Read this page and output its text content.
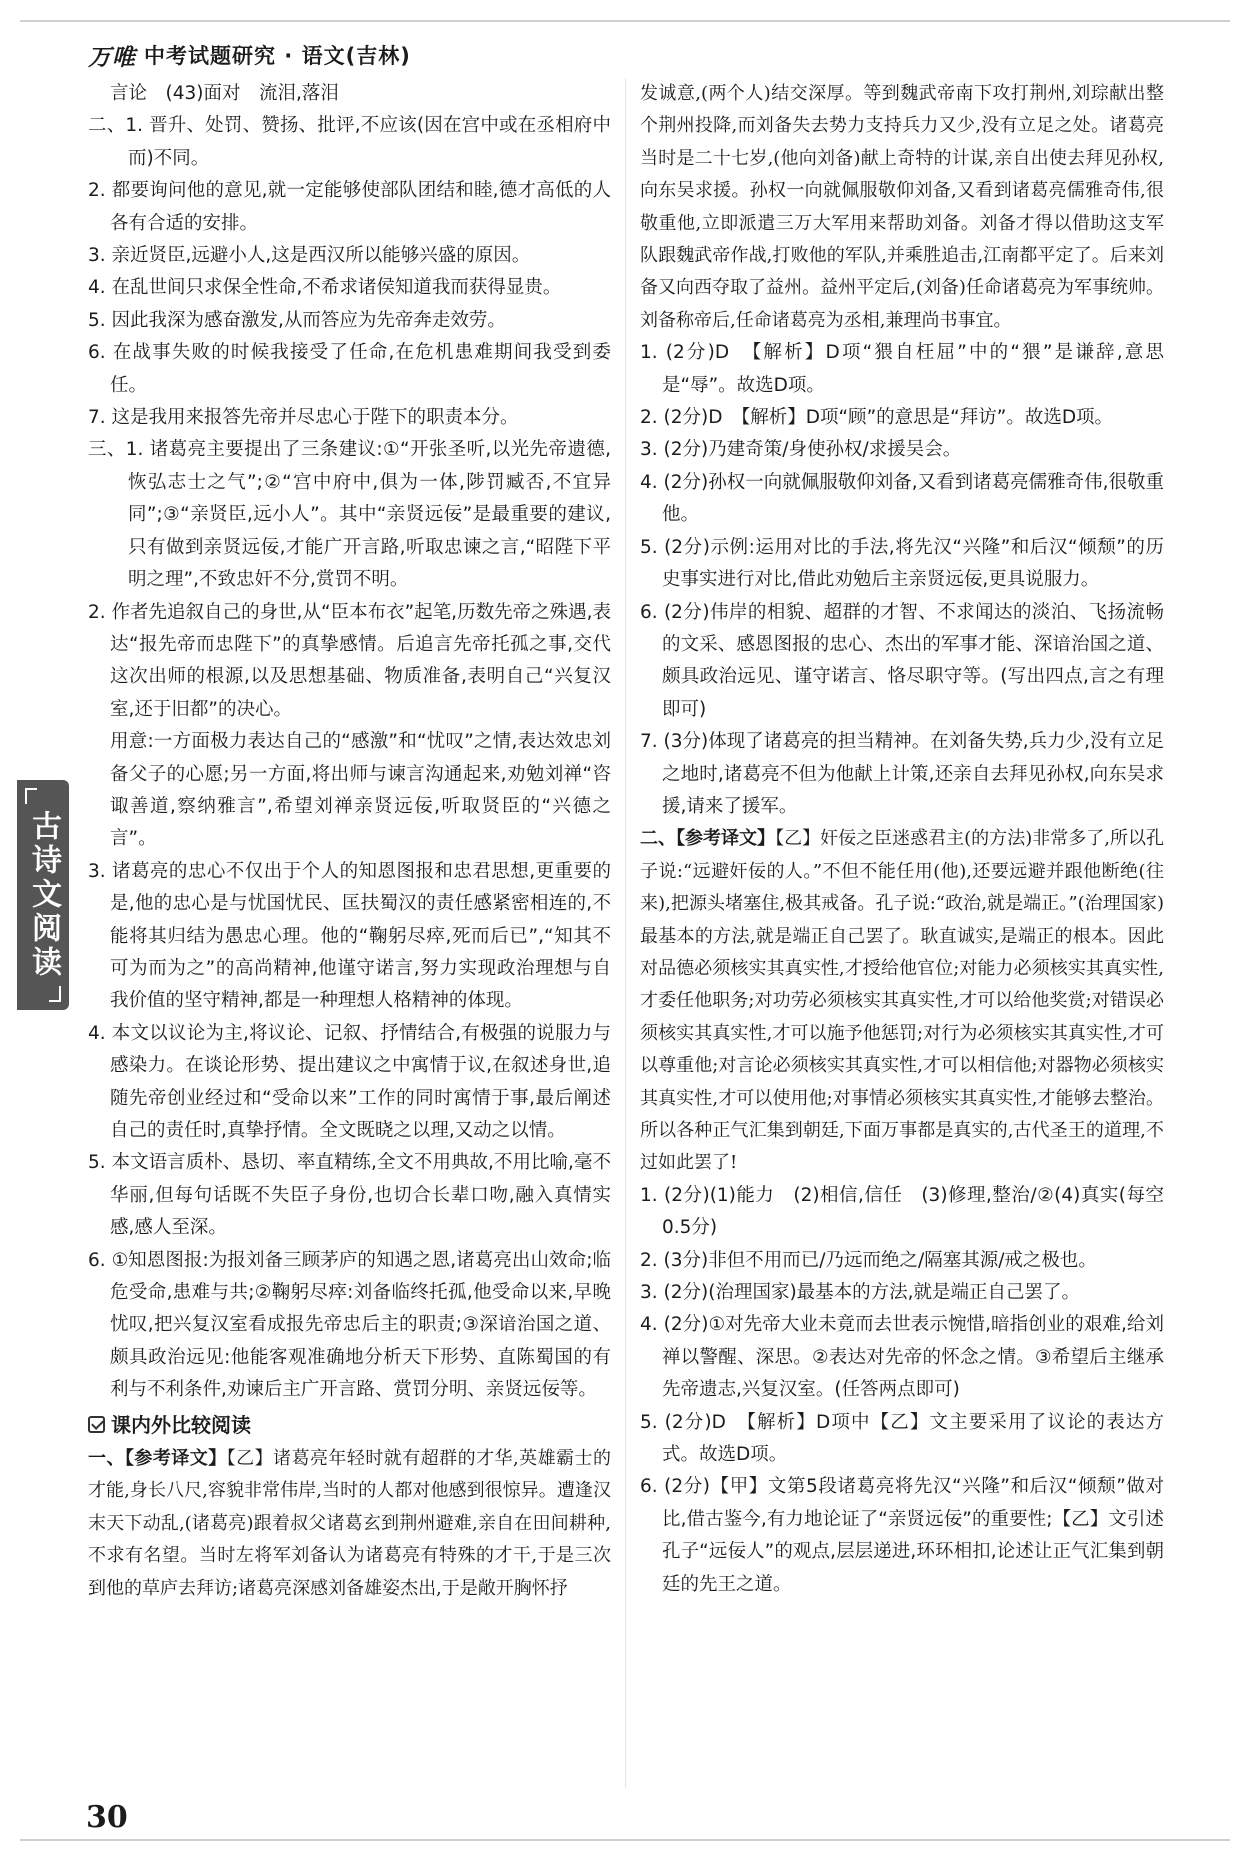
万唯 中考试题研究 · 语文(吉林)
古诗文阅读

言论　(43)面对　流泪,落泪

二、1. 晋升、处罚、赞扬、批评,不应该(因在宫中或在丞相府中而)不同。

2. 都要询问他的意见,就一定能够使部队团结和睦,德才高低的人各有合适的安排。

3. 亲近贤臣,远避小人,这是西汉所以能够兴盛的原因。

4. 在乱世间只求保全性命,不希求诸侯知道我而获得显贵。

5. 因此我深为感奋激发,从而答应为先帝奔走效劳。

6. 在战事失败的时候我接受了任命,在危机患难期间我受到委任。

7. 这是我用来报答先帝并尽忠心于陛下的职责本分。

三、1. 诸葛亮主要提出了三条建议:①“开张圣听,以光先帝遗德,恢弘志士之气”;②“宫中府中,俱为一体,陟罚臧否,不宜异同”;③“亲贤臣,远小人”。其中“亲贤远佞”是最重要的建议,只有做到亲贤远佞,才能广开言路,听取忠谏之言,“昭陛下平明之理”,不致忠奸不分,赏罚不明。

2. 作者先追叙自己的身世,从“臣本布衣”起笔,历数先帝之殊遇,表达“报先帝而忠陛下”的真挚感情。后追言先帝托孤之事,交代这次出师的根源,以及思想基础、物质准备,表明自己“兴复汉室,还于旧都”的决心。

用意:一方面极力表达自己的“感激”和“忧叹”之情,表达效忠刘备父子的心愿;另一方面,将出师与谏言沟通起来,劝勉刘禅“咨诹善道,察纳雅言”,希望刘禅亲贤远佞,听取贤臣的“兴德之言”。

3. 诸葛亮的忠心不仅出于个人的知恩图报和忠君思想,更重要的是,他的忠心是与忧国忧民、匡扶蜀汉的责任感紧密相连的,不能将其归结为愚忠心理。他的“鞠躬尽瘁,死而后已”,“知其不可为而为之”的高尚精神,他谨守诺言,努力实现政治理想与自我价值的坚守精神,都是一种理想人格精神的体现。

4. 本文以议论为主,将议论、记叙、抒情结合,有极强的说服力与感染力。在谈论形势、提出建议之中寓情于议,在叙述身世,追随先帝创业经过和“受命以来”工作的同时寓情于事,最后阐述自己的责任时,真挚抒情。全文既晓之以理,又动之以情。

5. 本文语言质朴、恳切、率直精练,全文不用典故,不用比喻,毫不华丽,但每句话既不失臣子身份,也切合长辈口吻,融入真情实感,感人至深。

6. ①知恩图报:为报刘备三顾茅庐的知遇之恩,诸葛亮出山效命;临危受命,患难与共;②鞠躬尽瘁:刘备临终托孤,他受命以来,早晚忧叹,把兴复汉室看成报先帝忠后主的职责;③深谙治国之道、颇具政治远见:他能客观准确地分析天下形势、直陈蜀国的有利与不利条件,劝谏后主广开言路、赏罚分明、亲贤远佞等。

课内外比较阅读

一、【参考译文】【乙】诸葛亮年轻时就有超群的才华,英雄霸士的才能,身长八尺,容貌非常伟岸,当时的人都对他感到很惊异。遭逢汉末天下动乱,(诸葛亮)跟着叔父诸葛玄到荆州避难,亲自在田间耕种,不求有名望。当时左将军刘备认为诸葛亮有特殊的才干,于是三次到他的草庐去拜访;诸葛亮深感刘备雄姿杰出,于是敞开胸怀抒

发诚意,(两个人)结交深厚。等到魏武帝南下攻打荆州,刘琮献出整个荆州投降,而刘备失去势力支持兵力又少,没有立足之处。诸葛亮当时是二十七岁,(他向刘备)献上奇特的计谋,亲自出使去拜见孙权,向东吴求援。孙权一向就佩服敬仰刘备,又看到诸葛亮儒雅奇伟,很敬重他,立即派遣三万大军用来帮助刘备。刘备才得以借助这支军队跟魏武帝作战,打败他的军队,并乘胜追击,江南都平定了。后来刘备又向西夺取了益州。益州平定后,(刘备)任命诸葛亮为军事统帅。刘备称帝后,任命诸葛亮为丞相,兼理尚书事宜。

1. (2分)D　【解析】D项“猥自枉屈”中的“猥”是谦辞,意思是“辱”。故选D项。

2. (2分)D　【解析】D项“顾”的意思是“拜访”。故选D项。

3. (2分)乃建奇策/身使孙权/求援吴会。

4. (2分)孙权一向就佩服敬仰刘备,又看到诸葛亮儒雅奇伟,很敬重他。

5. (2分)示例:运用对比的手法,将先汉“兴隆”和后汉“倾颓”的历史事实进行对比,借此劝勉后主亲贤远佞,更具说服力。

6. (2分)伟岸的相貌、超群的才智、不求闻达的淡泊、飞扬流畅的文采、感恩图报的忠心、杰出的军事才能、深谙治国之道、颇具政治远见、谨守诺言、恪尽职守等。(写出四点,言之有理即可)

7. (3分)体现了诸葛亮的担当精神。在刘备失势,兵力少,没有立足之地时,诸葛亮不但为他献上计策,还亲自去拜见孙权,向东吴求援,请来了援军。

二、【参考译文】【乙】奸佞之臣迷惑君主(的方法)非常多了,所以孔子说:“远避奸佞的人。”不但不能任用(他),还要远避并跟他断绝(往来),把源头堵塞住,极其戒备。孔子说:“政治,就是端正。”(治理国家)最基本的方法,就是端正自己罢了。耿直诚实,是端正的根本。因此对品德必须核实其真实性,才授给他官位;对能力必须核实其真实性,才委任他职务;对功劳必须核实其真实性,才可以给他奖赏;对错误必须核实其真实性,才可以施予他惩罚;对行为必须核实其真实性,才可以尊重他;对言论必须核实其真实性,才可以相信他;对器物必须核实其真实性,才可以使用他;对事情必须核实其真实性,才能够去整治。所以各种正气汇集到朝廷,下面万事都是真实的,古代圣王的道理,不过如此罢了!

1. (2分)(1)能力　(2)相信,信任　(3)修理,整治/②(4)真实(每空0.5分)

2. (3分)非但不用而已/乃远而绝之/隔塞其源/戒之极也。

3. (2分)(治理国家)最基本的方法,就是端正自己罢了。

4. (2分)①对先帝大业未竟而去世表示惋惜,暗指创业的艰难,给刘禅以警醒、深思。②表达对先帝的怀念之情。③希望后主继承先帝遗志,兴复汉室。(任答两点即可)

5. (2分)D　【解析】D项中【乙】文主要采用了议论的表达方式。故选D项。

6. (2分)【甲】文第5段诸葛亮将先汉“兴隆”和后汉“倾颓”做对比,借古鉴今,有力地论证了“亲贤远佞”的重要性;【乙】文引述孔子“远佞人”的观点,层层递进,环环相扣,论述让正气汇集到朝廷的先王之道。

30
